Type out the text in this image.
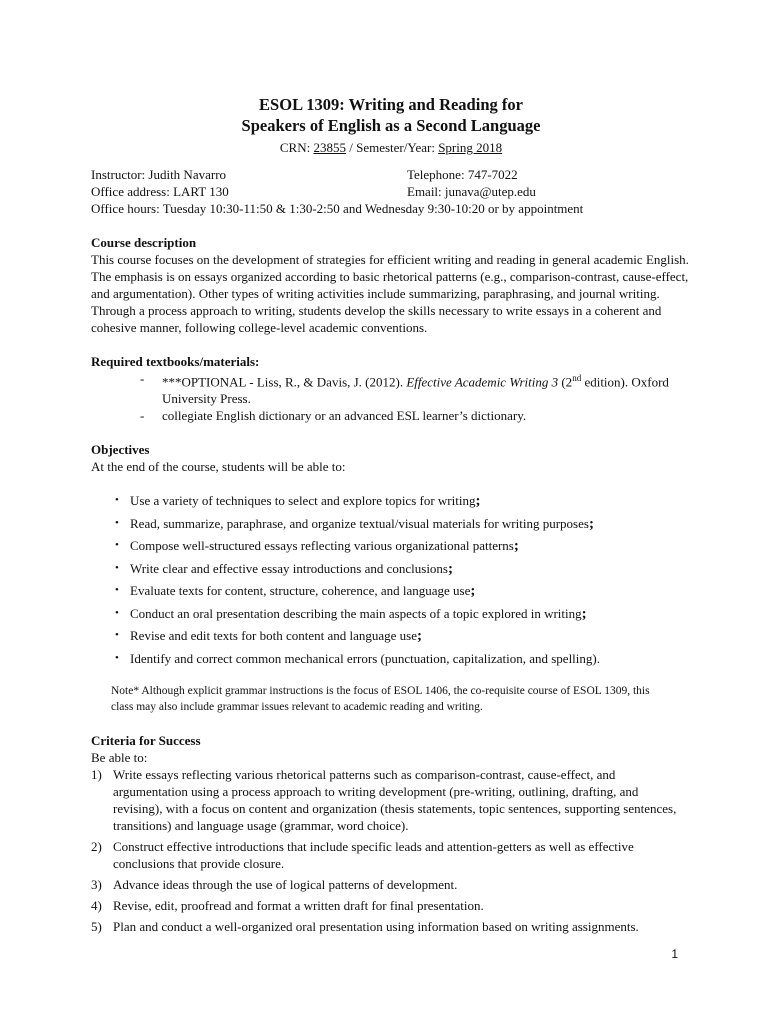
ESOL 1309: Writing and Reading for
Speakers of English as a Second Language
CRN: 23855 / Semester/Year: Spring 2018
Instructor: Judith Navarro	Telephone: 747-7022
Office address: LART 130	Email: junava@utep.edu
Office hours: Tuesday 10:30-11:50 & 1:30-2:50 and Wednesday 9:30-10:20 or by appointment
Course description

This course focuses on the development of strategies for efficient writing and reading in general academic English. The emphasis is on essays organized according to basic rhetorical patterns (e.g., comparison-contrast, cause-effect, and argumentation). Other types of writing activities include summarizing, paraphrasing, and journal writing. Through a process approach to writing, students develop the skills necessary to write essays in a coherent and cohesive manner, following college-level academic conventions.

Required textbooks/materials:
- ***OPTIONAL - Liss, R., & Davis, J. (2012). Effective Academic Writing 3 (2nd edition). Oxford University Press.
- collegiate English dictionary or an advanced ESL learner’s dictionary.
Objectives
At the end of the course, students will be able to:
• Use a variety of techniques to select and explore topics for writing;
• Read, summarize, paraphrase, and organize textual/visual materials for writing purposes;
• Compose well-structured essays reflecting various organizational patterns;
• Write clear and effective essay introductions and conclusions;
• Evaluate texts for content, structure, coherence, and language use;
• Conduct an oral presentation describing the main aspects of a topic explored in writing;
• Revise and edit texts for both content and language use;
• Identify and correct common mechanical errors (punctuation, capitalization, and spelling).

Note* Although explicit grammar instructions is the focus of ESOL 1406, the co-requisite course of ESOL 1309, this class may also include grammar issues relevant to academic reading and writing.

Criteria for Success
Be able to:
1) Write essays reflecting various rhetorical patterns such as comparison-contrast, cause-effect, and argumentation using a process approach to writing development (pre-writing, outlining, drafting, and revising), with a focus on content and organization (thesis statements, topic sentences, supporting sentences, transitions) and language usage (grammar, word choice).
2) Construct effective introductions that include specific leads and attention-getters as well as effective conclusions that provide closure.
3) Advance ideas through the use of logical patterns of development.
4) Revise, edit, proofread and format a written draft for final presentation.
5) Plan and conduct a well-organized oral presentation using information based on writing assignments.
1
